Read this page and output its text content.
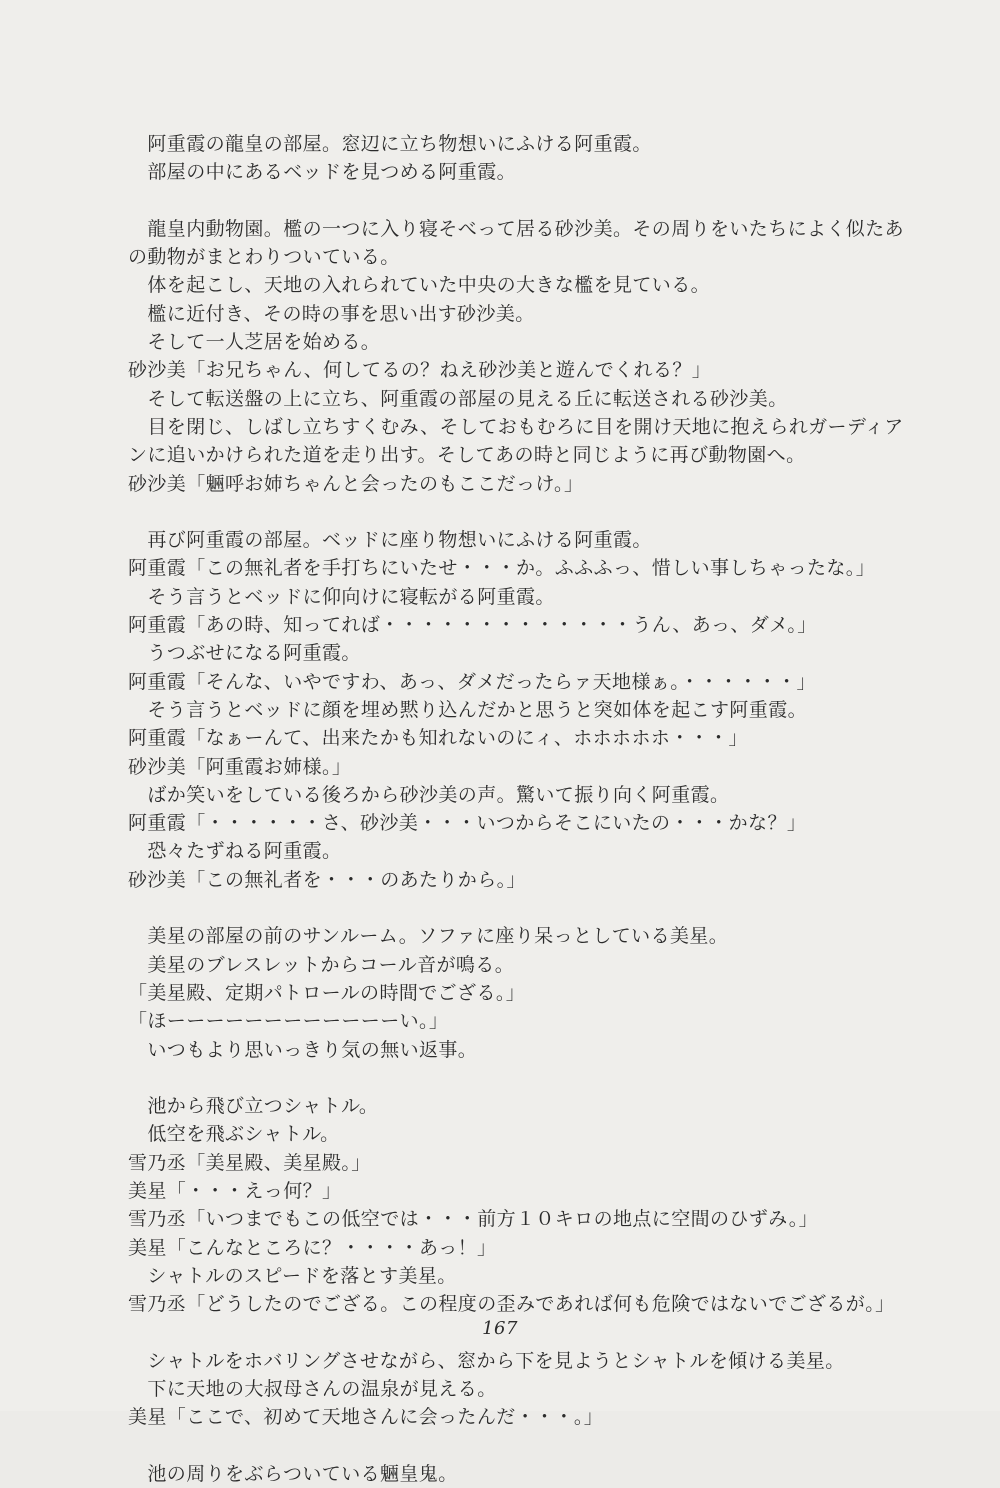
　阿重霞の龍皇の部屋。窓辺に立ち物想いにふける阿重霞。
　部屋の中にあるベッドを見つめる阿重霞。
　龍皇内動物園。檻の一つに入り寝そべって居る砂沙美。その周りをいたちによく似たあ
の動物がまとわりついている。
　体を起こし、天地の入れられていた中央の大きな檻を見ている。
　檻に近付き、その時の事を思い出す砂沙美。
　そして一人芝居を始める。
砂沙美「お兄ちゃん、何してるの？ねえ砂沙美と遊んでくれる？」
　そして転送盤の上に立ち、阿重霞の部屋の見える丘に転送される砂沙美。
　目を閉じ、しばし立ちすくむみ、そしておもむろに目を開け天地に抱えられガーディア
ンに追いかけられた道を走り出す。そしてあの時と同じように再び動物園へ。
砂沙美「魎呼お姉ちゃんと会ったのもここだっけ。」
　再び阿重霞の部屋。ベッドに座り物想いにふける阿重霞。
阿重霞「この無礼者を手打ちにいたせ・・・か。ふふふっ、惜しい事しちゃったな。」
　そう言うとベッドに仰向けに寝転がる阿重霞。
阿重霞「あの時、知ってれば・・・・・・・・・・・・・うん、あっ、ダメ。」
　うつぶせになる阿重霞。
阿重霞「そんな、いやですわ、あっ、ダメだったらァ天地様ぁ。・・・・・・」
　そう言うとベッドに顔を埋め黙り込んだかと思うと突如体を起こす阿重霞。
阿重霞「なぁーんて、出来たかも知れないのにィ、ホホホホホ・・・」
砂沙美「阿重霞お姉様。」
　ばか笑いをしている後ろから砂沙美の声。驚いて振り向く阿重霞。
阿重霞「・・・・・・さ、砂沙美・・・いつからそこにいたの・・・かな？」
　恐々たずねる阿重霞。
砂沙美「この無礼者を・・・のあたりから。」
　美星の部屋の前のサンルーム。ソファに座り呆っとしている美星。
　美星のブレスレットからコール音が鳴る。
「美星殿、定期パトロールの時間でござる。」
「ほーーーーーーーーーーーーい。」
　いつもより思いっきり気の無い返事。
　池から飛び立つシャトル。
　低空を飛ぶシャトル。
雪乃丞「美星殿、美星殿。」
美星「・・・えっ何？」
雪乃丞「いつまでもこの低空では・・・前方１０キロの地点に空間のひずみ。」
美星「こんなところに？・・・・あっ！」
　シャトルのスピードを落とす美星。
雪乃丞「どうしたのでござる。この程度の歪みであれば何も危険ではないでござるが。」
　シャトルをホバリングさせながら、窓から下を見ようとシャトルを傾ける美星。
　下に天地の大叔母さんの温泉が見える。
美星「ここで、初めて天地さんに会ったんだ・・・。」
　池の周りをぶらついている魎皇鬼。
167
